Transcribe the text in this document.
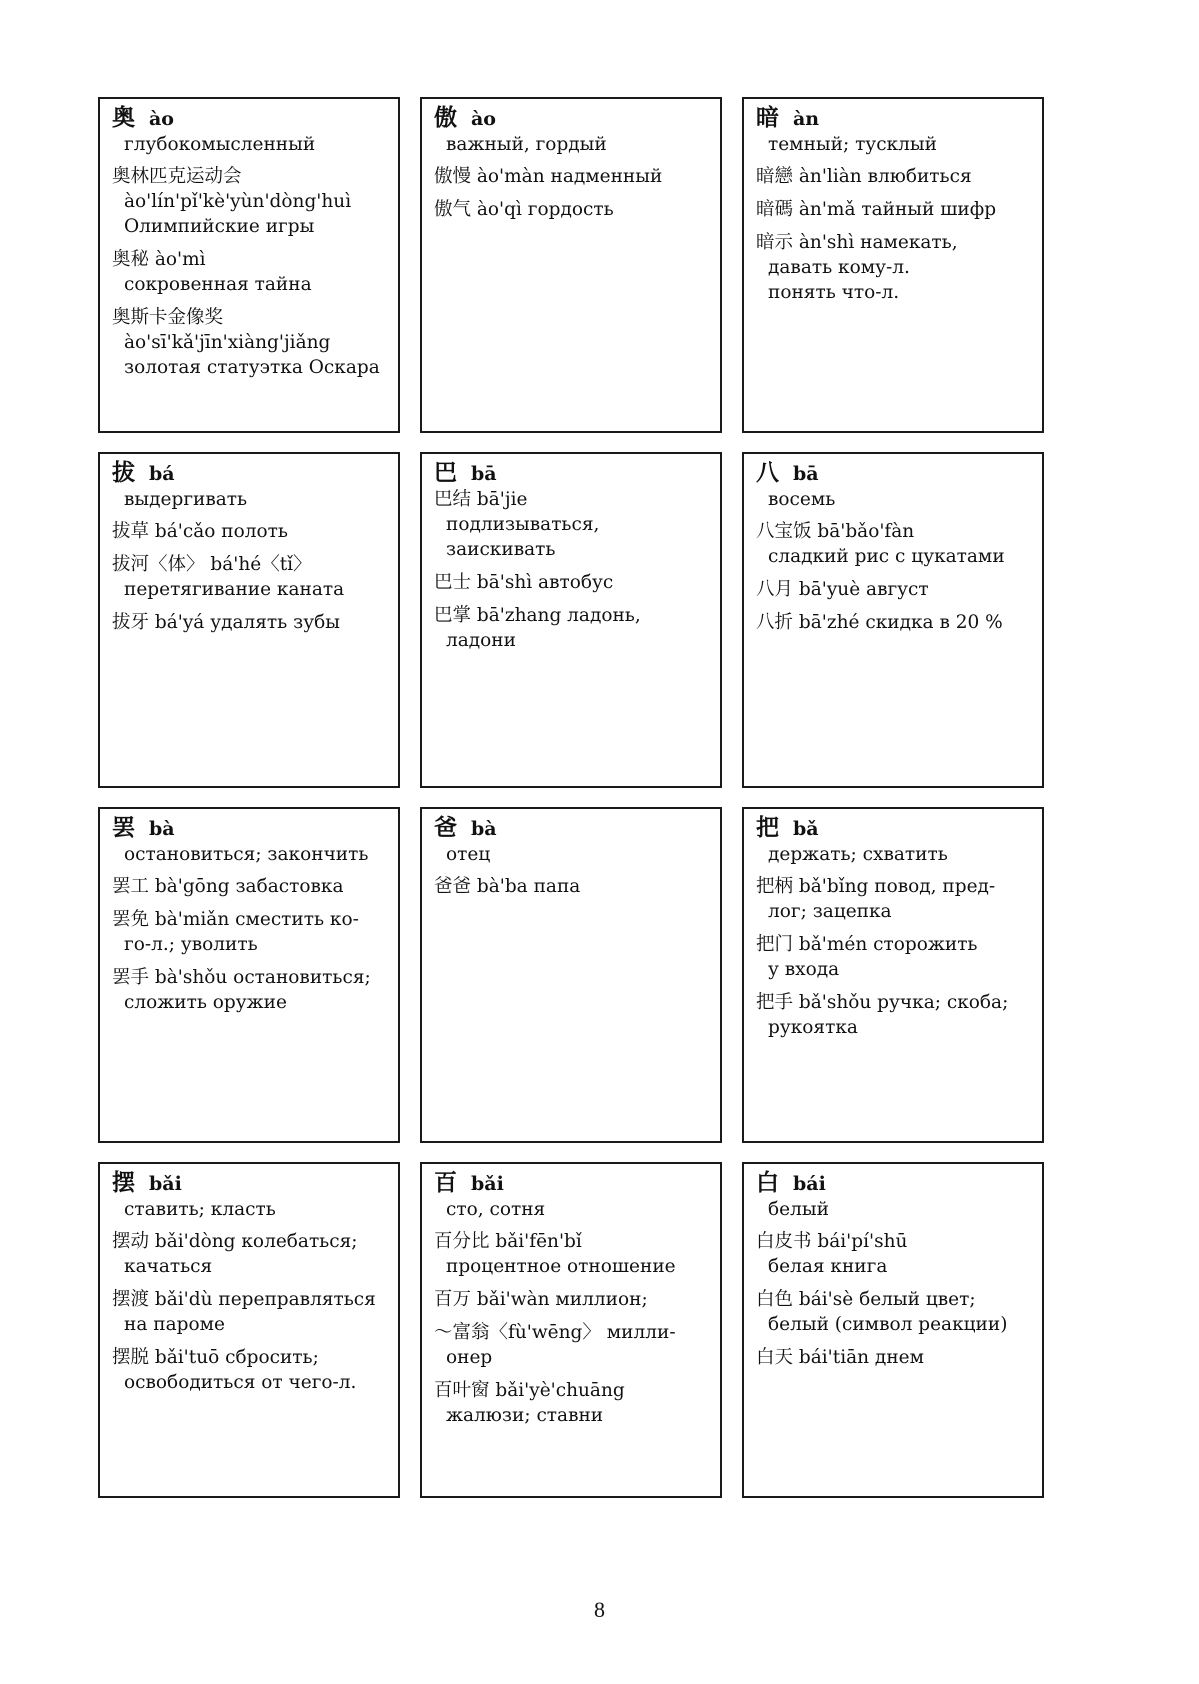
奥 ào
глубокомысленный
奥林匹克运动会
ào'lín'pǐ'kè'yùn'dòng'huì
Олимпийские игры
奥秘 ào'mì
сокровенная тайна
奥斯卡金像奖
ào'sī'kǎ'jīn'xiàng'jiǎng
золотая статуэтка Оскара
傲 ào
важный, гордый
傲慢 ào'màn надменный
傲气 ào'qì гордость
暗 àn
темный; тусклый
暗戀 àn'liàn влюбиться
暗碼 àn'mǎ тайный шифр
暗示 àn'shì намекать,
давать кому-л.
понять что-л.
拔 bá
выдергивать
拔草 bá'cǎo полоть
拔河〈体〉 bá'hé〈tǐ〉
перетягивание каната
拔牙 bá'yá удалять зубы
巴 bā
巴结 bā'jie
подлизываться, заискивать
巴士 bā'shì автобус
巴掌 bā'zhang ладонь,
ладони
八 bā
восемь
八宝饭 bā'bǎo'fàn
сладкий рис с цукатами
八月 bā'yuè август
八折 bā'zhé скидка в 20 %
罢 bà
остановиться; закончить
罢工 bà'gōng забастовка
罢免 bà'miǎn сместить ко-
го-л.; уволить
罢手 bà'shǒu остановиться;
сложить оружие
爸 bà
отец
爸爸 bà'ba папа
把 bǎ
держать; схватить
把柄 bǎ'bǐng повод, пред-
лог; зацепка
把门 bǎ'mén сторожить
у входа
把手 bǎ'shǒu ручка; скоба;
рукоятка
摆 bǎi
ставить; класть
摆动 bǎi'dòng колебаться;
качаться
摆渡 bǎi'dù переправляться
на пароме
摆脱 bǎi'tuō сбросить;
освободиться от чего-л.
百 bǎi
сто, сотня
百分比 bǎi'fēn'bǐ
процентное отношение
百万 bǎi'wàn миллион;
～富翁〈fù'wēng〉 милли-
онер
百叶窗 bǎi'yè'chuāng
жалюзи; ставни
白 bái
белый
白皮书 bái'pí'shū
белая книга
白色 bái'sè белый цвет;
белый (символ реакции)
白天 bái'tiān днем
8
